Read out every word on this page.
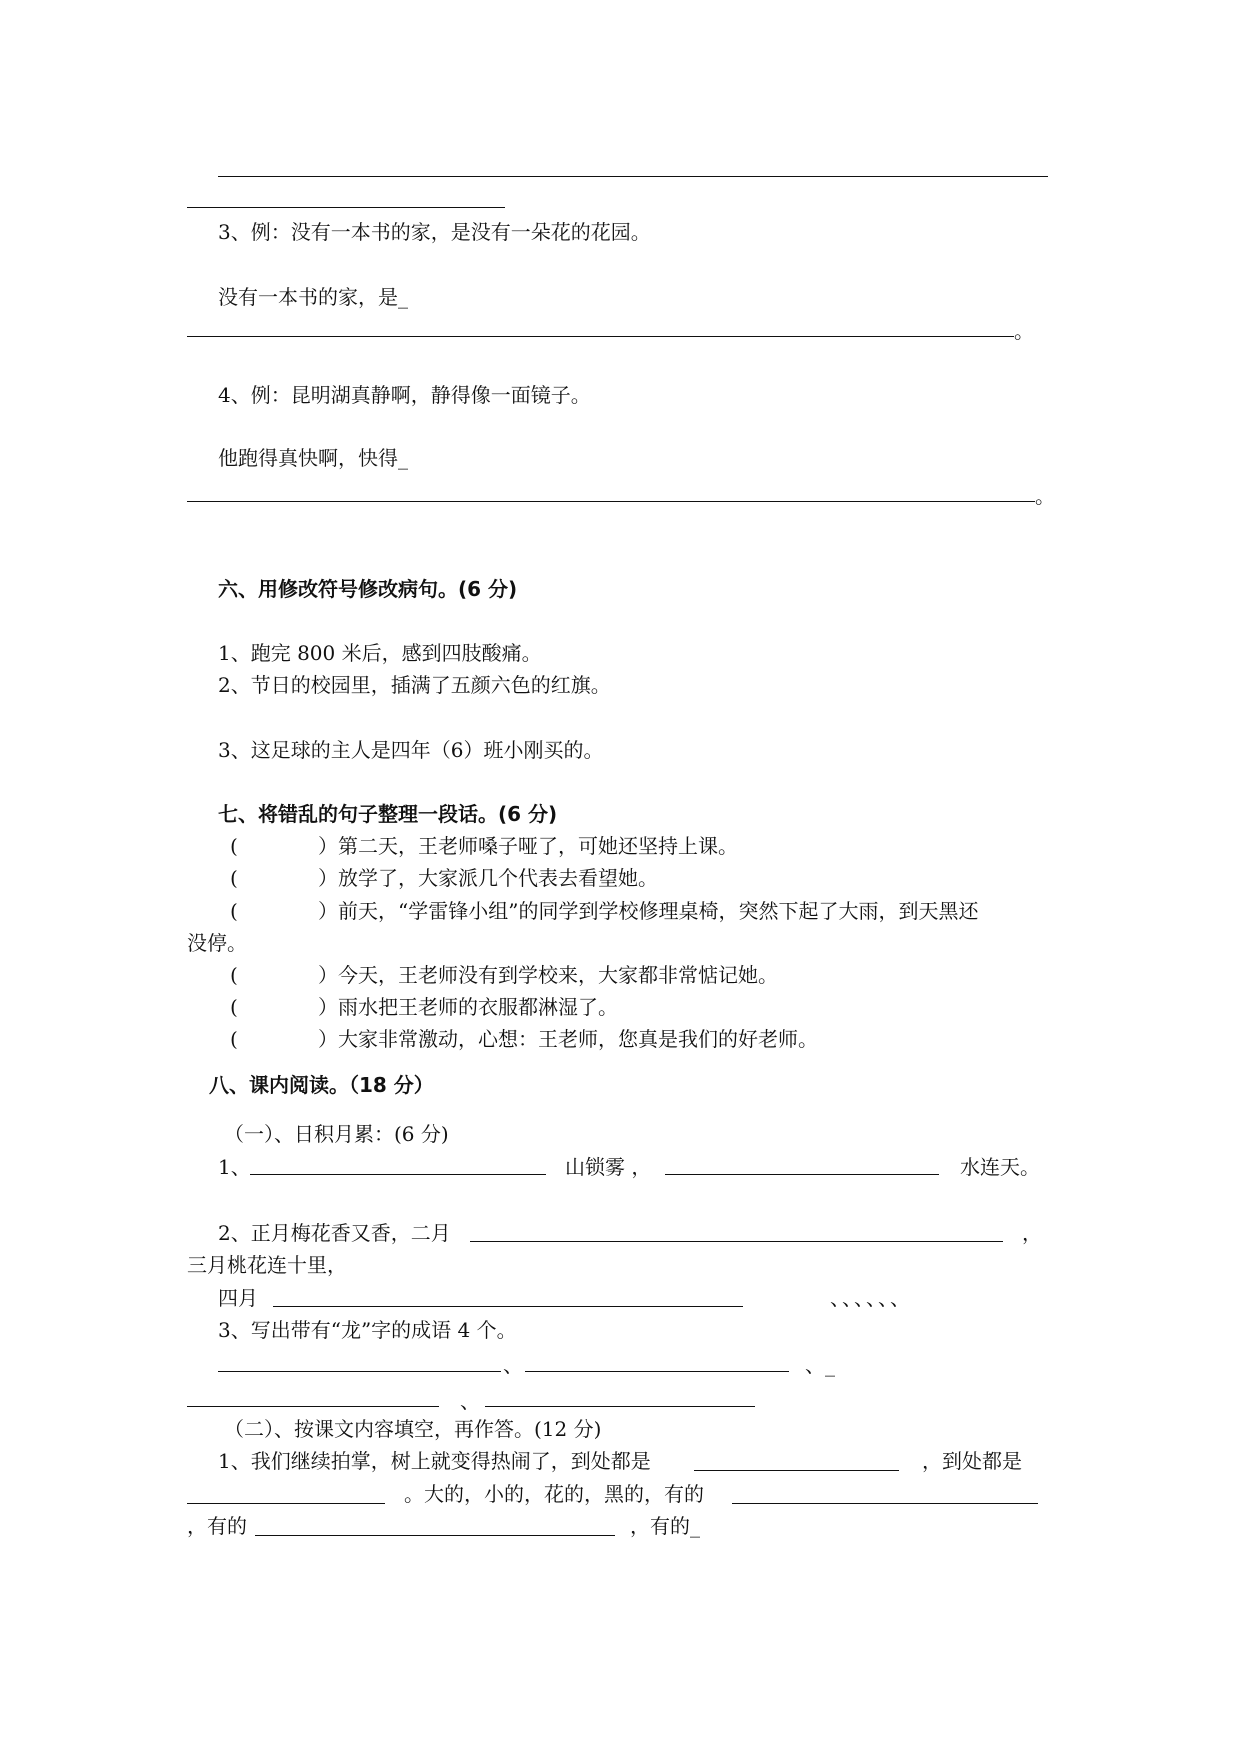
3、例：没有一本书的家，是没有一朵花的花园。
没有一本书的家，是_
。
4、例：昆明湖真静啊，静得像一面镜子。
他跑得真快啊，快得_
。
六、用修改符号修改病句。(6 分)
1、跑完 800 米后，感到四肢酸痛。
2、节日的校园里，插满了五颜六色的红旗。
3、这足球的主人是四年（6）班小刚买的。
七、将错乱的句子整理一段话。(6 分)
(	）第二天，王老师嗓子哑了，可她还坚持上课。
(	）放学了，大家派几个代表去看望她。
(	）前天，“学雷锋小组”的同学到学校修理桌椅，突然下起了大雨，到天黑还
没停。
(	）今天，王老师没有到学校来，大家都非常惦记她。
(	）雨水把王老师的衣服都淋湿了。
(	）大家非常激动，心想：王老师，您真是我们的好老师。
八、课内阅读。（18 分）
（一）、日积月累：(6 分)
1、	山锁雾 ，	水连天。
2、正月梅花香又香，二月	，
三月桃花连十里，
四月	、、、、、、
3、写出带有“龙”字的成语 4 个。
、	、_
、
（二）、按课文内容填空，再作答。(12 分)
1、我们继续拍掌，树上就变得热闹了，到处都是	，到处都是
。大的，小的，花的，黑的，有的
，有的	，有的_
